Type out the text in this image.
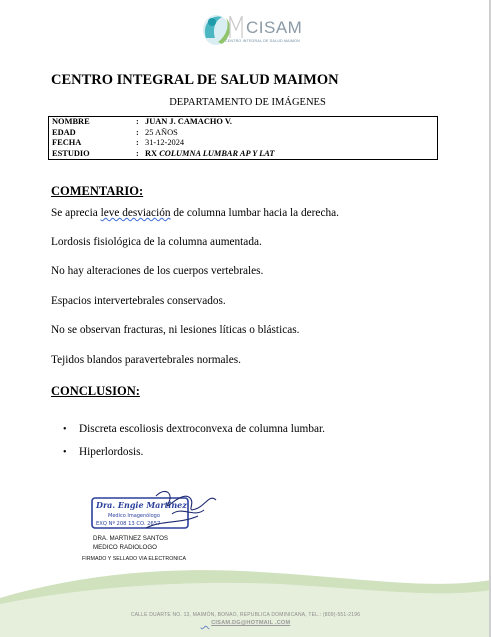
CISAM
CENTRO INTEGRAL DE SALUD MAIMON
CENTRO INTEGRAL DE SALUD MAIMON
DEPARTAMENTO DE IMÁGENES
NOMBRE	: JUAN J. CAMACHO V.
EDAD	: 25 AÑOS
FECHA	: 31-12-2024
ESTUDIO	: RX COLUMNA LUMBAR AP Y LAT
COMENTARIO:
Se aprecia leve desviación de columna lumbar hacia la derecha.
Lordosis fisiológica de la columna aumentada.
No hay alteraciones de los cuerpos vertebrales.
Espacios intervertebrales conservados.
No se observan fracturas, ni lesiones líticas o blásticas.
Tejidos blandos paravertebrales normales.
CONCLUSION:
• Discreta escoliosis dextroconvexa de columna lumbar.
• Hiperlordosis.
Dra. Engie Martinez
Medico Imagenólogo
EXQ Nº 208 13 CO. 2657
DRA. MARTINEZ SANTOS
MEDICO RADIOLOGO
FIRMADO Y SELLADO VIA ELECTRONICA
CALLE DUARTE NO. 13, MAIMÓN, BONAO, REPUBLICA DOMINICANA, TEL.: (809)-551-2196
CISAM.DG@HOTMAIL .COM
